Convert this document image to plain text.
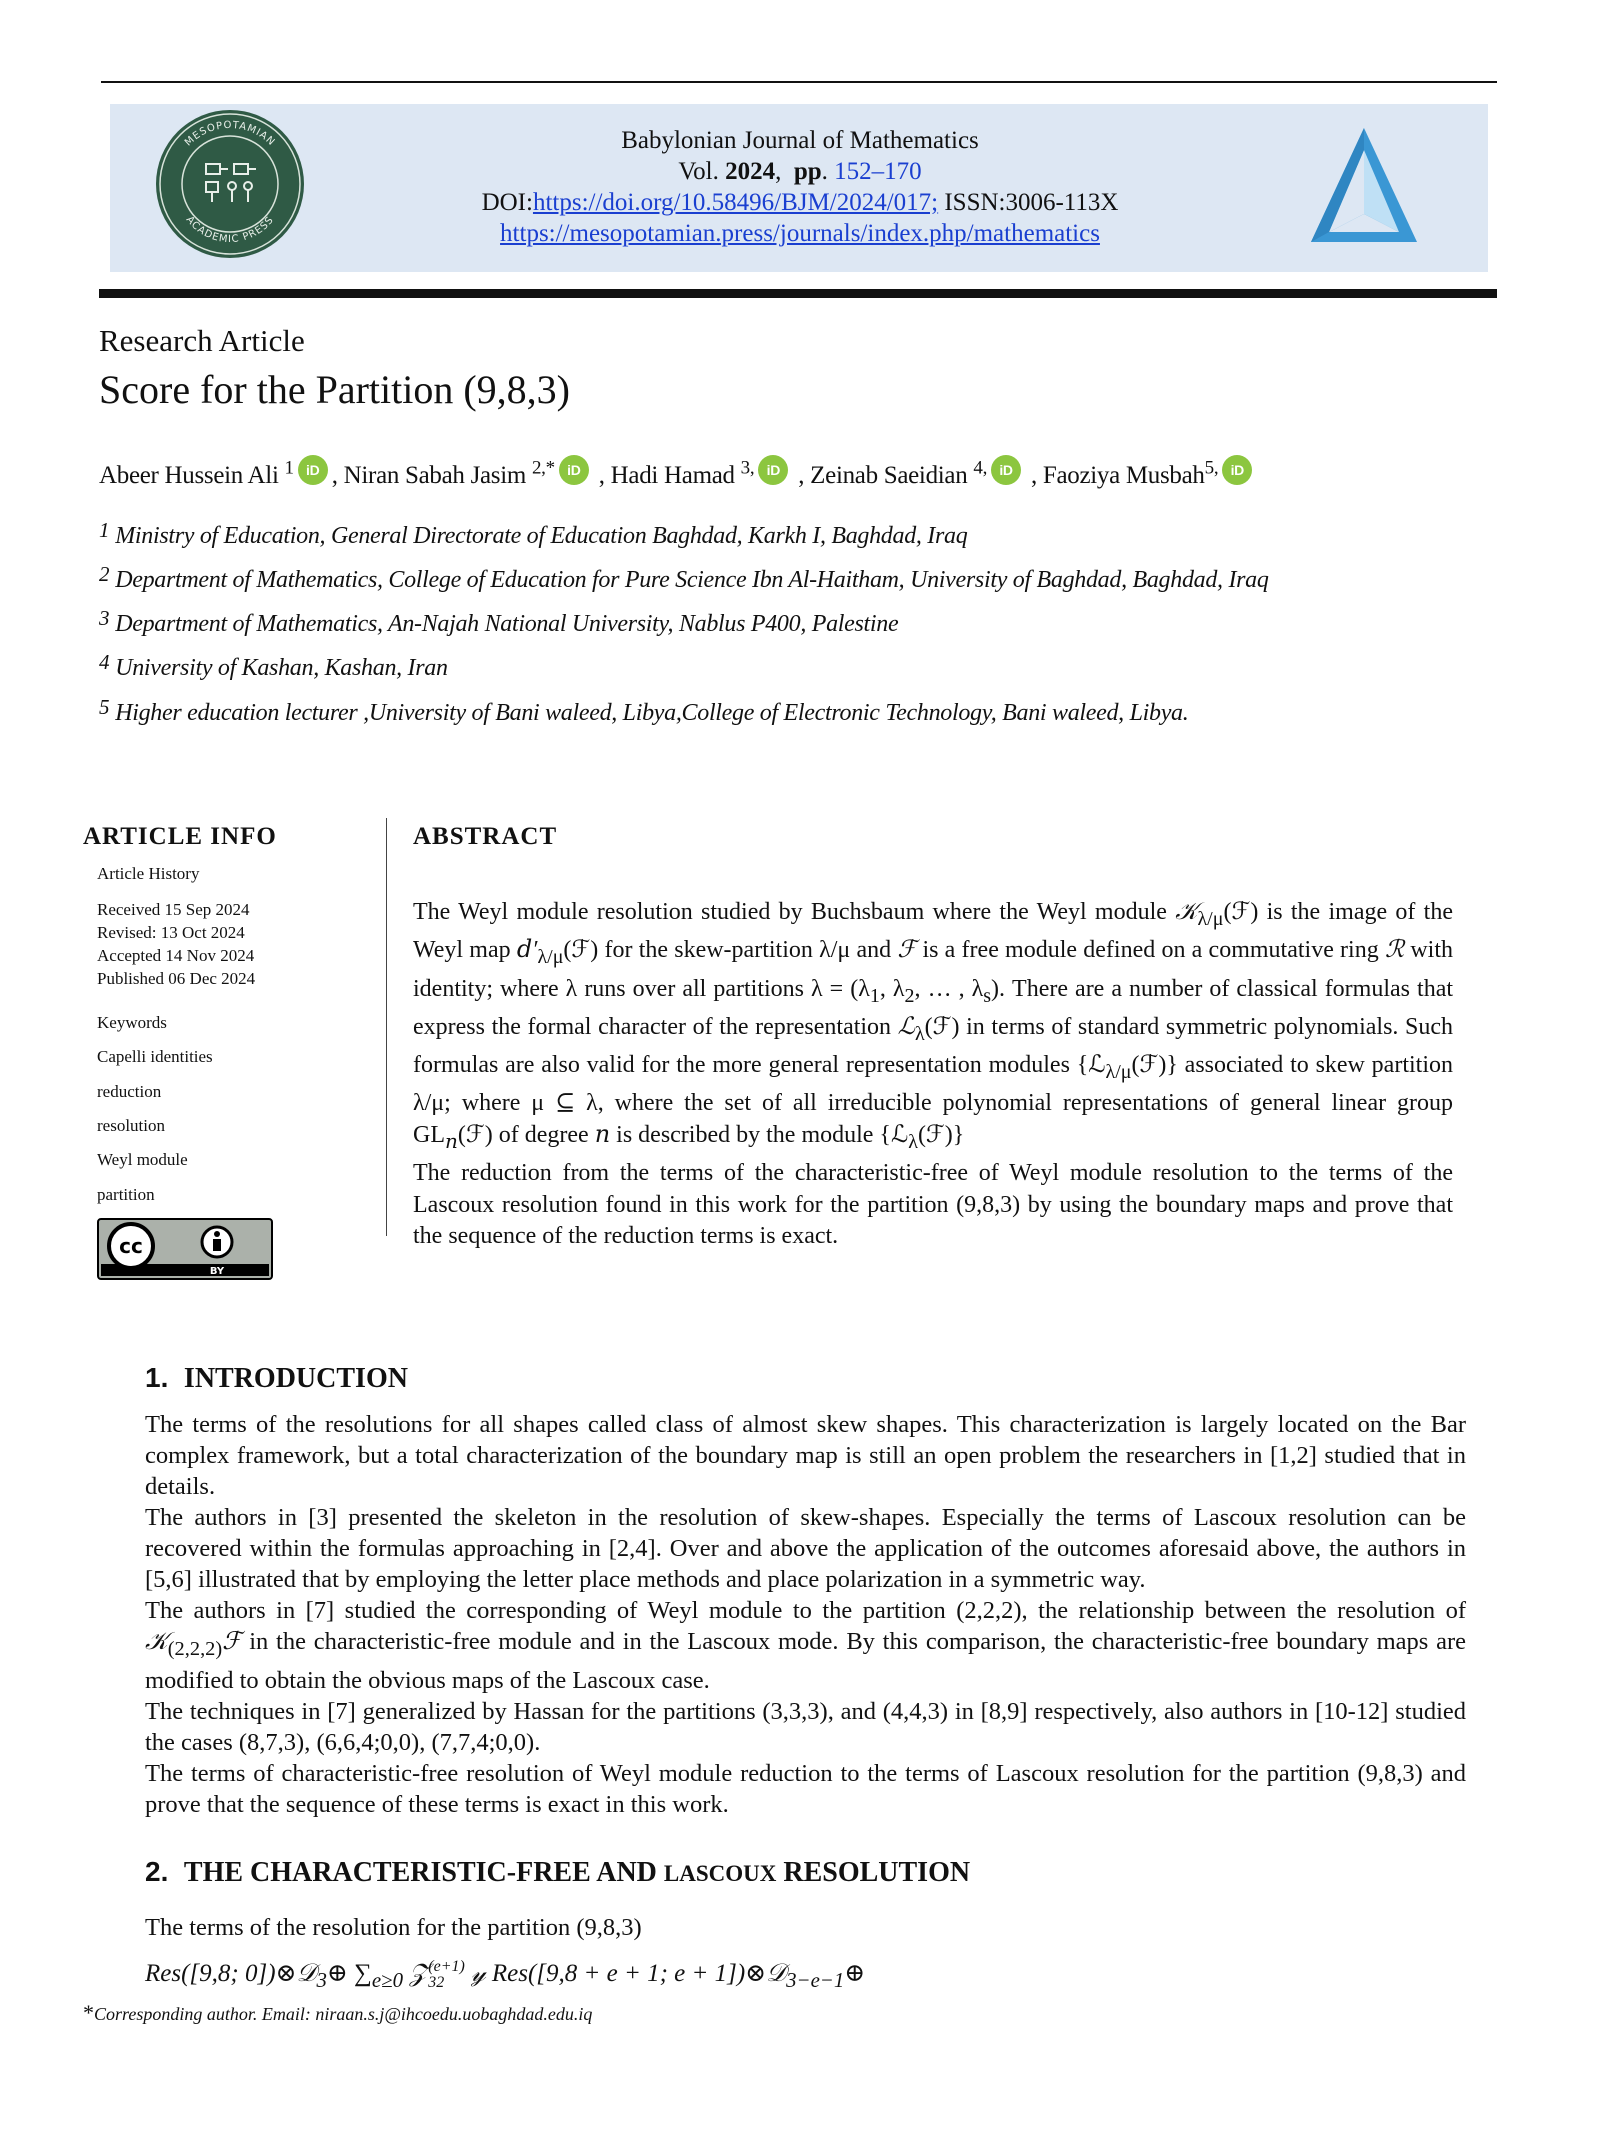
MESOPOTAMIAN
ACADEMIC PRESS
Babylonian Journal of Mathematics
Vol. 2024,  pp. 152–170
DOI:https://doi.org/10.58496/BJM/2024/017; ISSN:3006-113X
https://mesopotamian.press/journals/index.php/mathematics
Research Article
Score for the Partition (9,8,3)
Abeer Hussein Ali $^1$ iD , Niran Sabah Jasim $^{2,*}$ iD , Hadi Hamad $^{3,}$ iD , Zeinab Saeidian $^{4,}$ iD , Faoziya Musbah$^{5,}$ iD
$^1$ Ministry of Education, General Directorate of Education Baghdad, Karkh I, Baghdad, Iraq
$^2$ Department of Mathematics, College of Education for Pure Science Ibn Al-Haitham, University of Baghdad, Baghdad, Iraq
$^3$ Department of Mathematics, An-Najah National University, Nablus P400, Palestine
$^4$ University of Kashan, Kashan, Iran
$^5$ Higher education lecturer ,University of Bani waleed, Libya,College of Electronic Technology, Bani waleed, Libya.
ARTICLE INFO
Article History
Received 15 Sep 2024
Revised: 13 Oct 2024
Accepted 14 Nov 2024
Published 06 Dec 2024
Keywords
Capelli identities
reduction
resolution
Weyl module
partition
cc
BY
ABSTRACT

The Weyl module resolution studied by Buchsbaum where the Weyl module 𝒦$_{\lambda/\mu}$(ℱ) is the image of the Weyl map $𝑑'_{\lambda/\mu}(ℱ)$ for the skew-partition λ/μ and ℱ is a free module defined on a commutative ring ℛ with identity; where λ runs over all partitions $\lambda = (\lambda_1$, $\lambda_2$, … , $\lambda_s$). There are a number of classical formulas that express the formal character of the representation ℒ$_\lambda$(ℱ) in terms of standard symmetric polynomials. Such formulas are also valid for the more general representation modules {ℒ$_{\lambda/\mu}$(ℱ)} associated to skew partition λ/μ; where μ ⊆ λ, where the set of all irreducible polynomial representations of general linear group $GL_𝑛(ℱ)$ of degree 𝑛 is described by the module {ℒ$_\lambda$(ℱ)}

The reduction from the terms of the characteristic-free of Weyl module resolution to the terms of the Lascoux resolution found in this work for the partition (9,8,3) by using the boundary maps and prove that the sequence of the reduction terms is exact.

1. INTRODUCTION

The terms of the resolutions for all shapes called class of almost skew shapes. This characterization is largely located on the Bar complex framework, but a total characterization of the boundary map is still an open problem the researchers in [1,2] studied that in details.

The authors in [3] presented the skeleton in the resolution of skew-shapes. Especially the terms of Lascoux resolution can be recovered within the formulas approaching in [2,4]. Over and above the application of the outcomes aforesaid above, the authors in [5,6] illustrated that by employing the letter place methods and place polarization in a symmetric way.

The authors in [7] studied the corresponding of Weyl module to the partition (2,2,2), the relationship between the resolution of 𝒦$_{(2,2,2)}$ℱ in the characteristic-free module and in the Lascoux mode. By this comparison, the characteristic-free boundary maps are modified to obtain the obvious maps of the Lascoux case.

The techniques in [7] generalized by Hassan for the partitions (3,3,3), and (4,4,3) in [8,9] respectively, also authors in [10-12] studied the cases (8,7,3), (6,6,4;0,0), (7,7,4;0,0).

The terms of characteristic-free resolution of Weyl module reduction to the terms of Lascoux resolution for the partition (9,8,3) and prove that the sequence of these terms is exact in this work.

2. THE CHARACTERISTIC-FREE AND LASCOUX RESOLUTION
The terms of the resolution for the partition (9,8,3)
Res([9,8; 0])⊗𝒟$_3$⊕ $\sum_{e\ge 0}$ 𝒵 (e+1)
32 𝓎 Res([9,8 + e + 1; e + 1])⊗𝒟$_{3-e-1}$⊕
*Corresponding author. Email: niraan.s.j@ihcoedu.uobaghdad.edu.iq
